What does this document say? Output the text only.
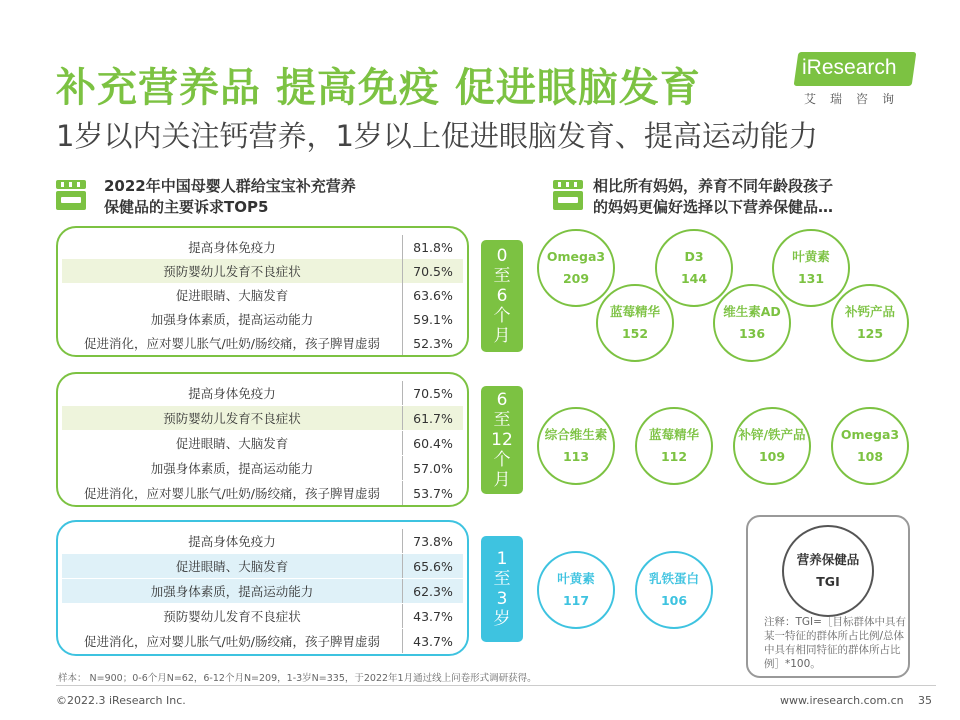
补充营养品 提高免疫 促进眼脑发育
1岁以内关注钙营养，1岁以上促进眼脑发育、提高运动能力
iResearch
艾瑞咨询
2022年中国母婴人群给宝宝补充营养
保健品的主要诉求TOP5
相比所有妈妈，养育不同年龄段孩子
的妈妈更偏好选择以下营养保健品…
提高身体免疫力	81.8%
预防婴幼儿发育不良症状	70.5%
促进眼睛、大脑发育	63.6%
加强身体素质，提高运动能力	59.1%
促进消化，应对婴儿胀气/吐奶/肠绞痛，孩子脾胃虚弱	52.3%
0至6个月
提高身体免疫力	70.5%
预防婴幼儿发育不良症状	61.7%
促进眼睛、大脑发育	60.4%
加强身体素质，提高运动能力	57.0%
促进消化，应对婴儿胀气/吐奶/肠绞痛，孩子脾胃虚弱	53.7%
6至12个月
提高身体免疫力	73.8%
促进眼睛、大脑发育	65.6%
加强身体素质，提高运动能力	62.3%
预防婴幼儿发育不良症状	43.7%
促进消化，应对婴儿胀气/吐奶/肠绞痛，孩子脾胃虚弱	43.7%
1至3岁
Omega3
209
D3
144
叶黄素
131
蓝莓精华
152
维生素AD
136
补钙产品
125
综合维生素
113
蓝莓精华
112
补锌/铁产品
109
Omega3
108
叶黄素
117
乳铁蛋白
106
营养保健品
TGI
注释：TGI=［目标群体中具有某一特征的群体所占比例/总体中具有相同特征的群体所占比例］*100。
样本： N=900；0-6个月N=62，6-12个月N=209，1-3岁N=335，于2022年1月通过线上问卷形式调研获得。
©2022.3 iResearch Inc.	www.iresearch.com.cn 35
